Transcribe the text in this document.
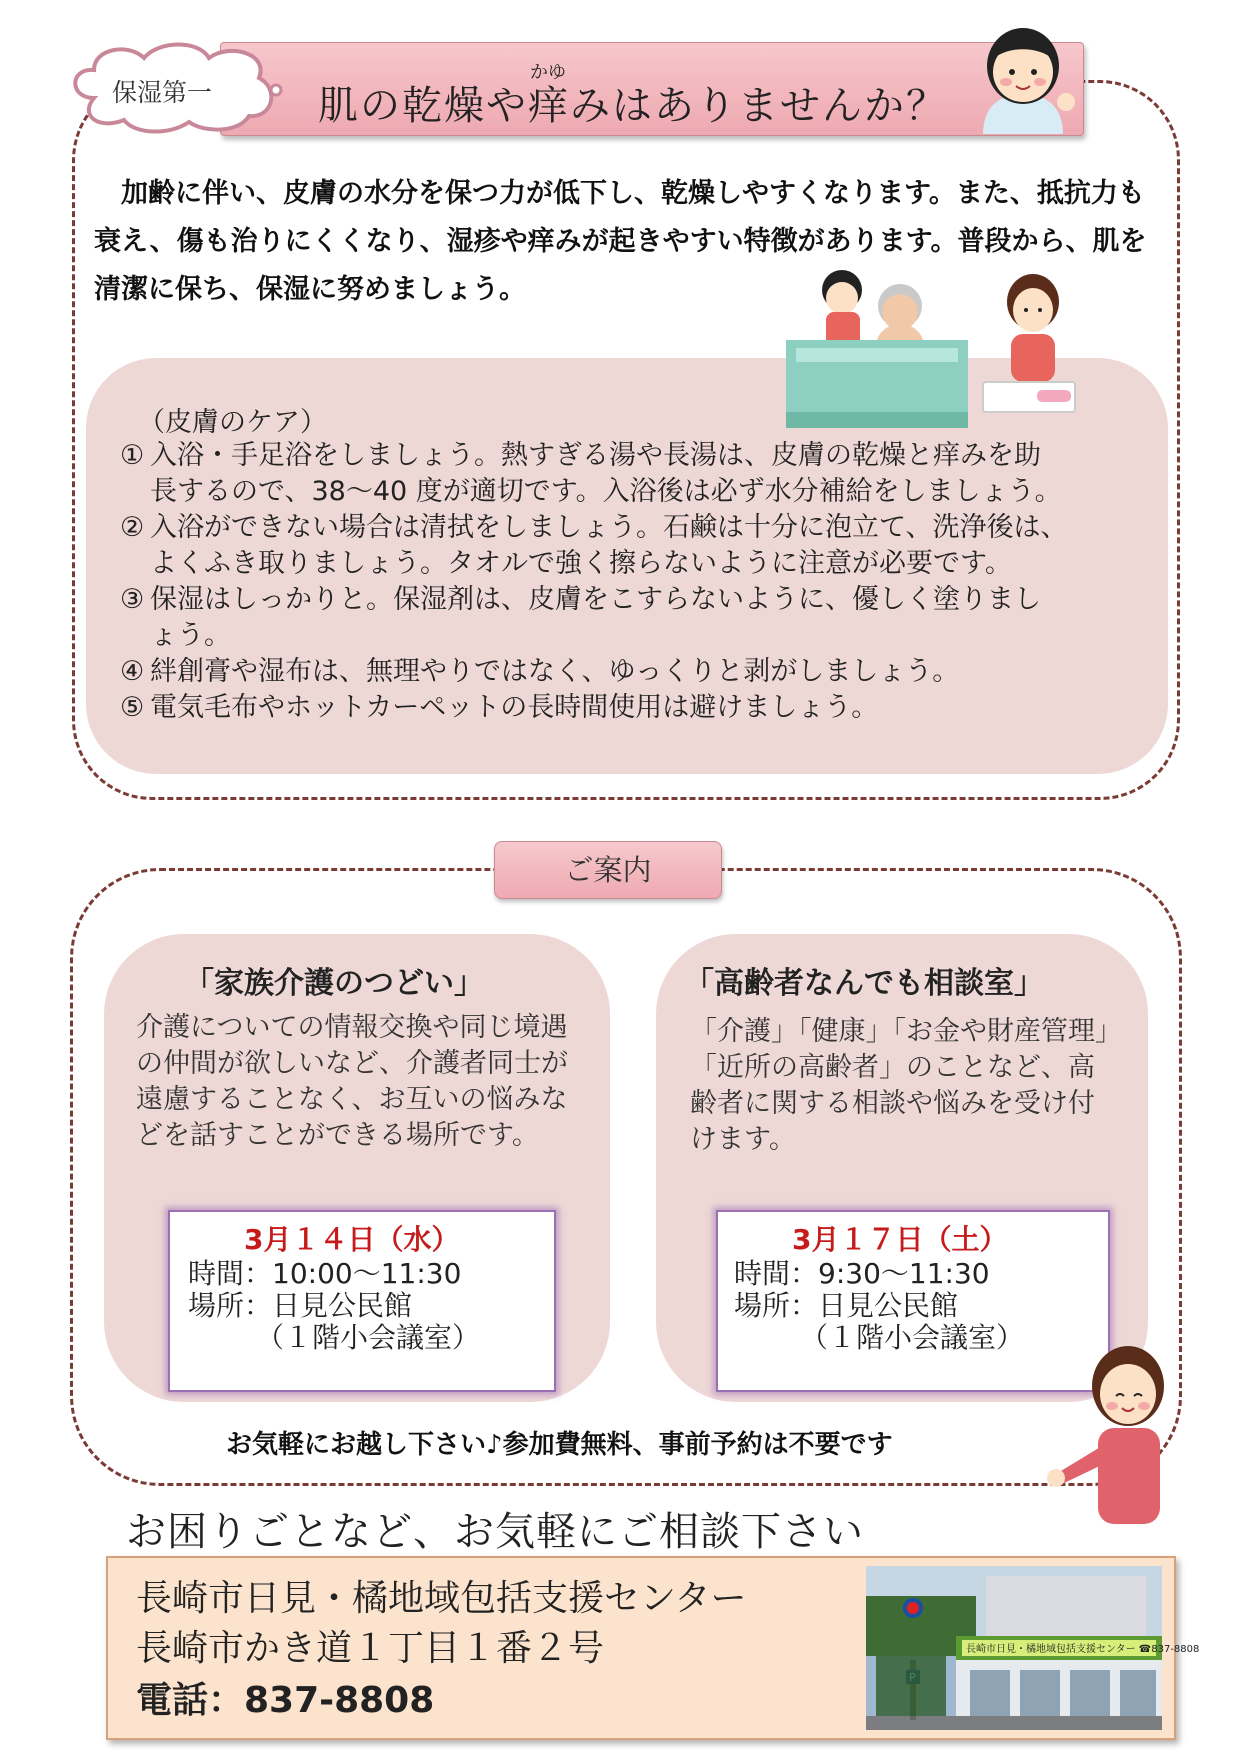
かゆ
肌の乾燥や痒みはありませんか？
保湿第一
加齢に伴い、皮膚の水分を保つ力が低下し、乾燥しやすくなります。また、抵抗力も衰え、傷も治りにくくなり、湿疹や痒みが起きやすい特徴があります。普段から、肌を清潔に保ち、保湿に努めましょう。
（皮膚のケア）
① 入浴・手足浴をしましょう。熱すぎる湯や長湯は、皮膚の乾燥と痒みを助
長するので、38～40 度が適切です。入浴後は必ず水分補給をしましょう。
② 入浴ができない場合は清拭をしましょう。石鹸は十分に泡立て、洗浄後は、
よくふき取りましょう。タオルで強く擦らないように注意が必要です。
③ 保湿はしっかりと。保湿剤は、皮膚をこすらないように、優しく塗りまし
ょう。
④ 絆創膏や湿布は、無理やりではなく、ゆっくりと剥がしましょう。
⑤ 電気毛布やホットカーペットの長時間使用は避けましょう。
ご案内
「家族介護のつどい」
介護についての情報交換や同じ境遇の仲間が欲しいなど、介護者同士が遠慮することなく、お互いの悩みなどを話すことができる場所です。
3月１４日（水）
時間：10:00～11:30
場所：日見公民館
（１階小会議室）
「高齢者なんでも相談室」
「介護」「健康」「お金や財産管理」「近所の高齢者」のことなど、高齢者に関する相談や悩みを受け付けます。
3月１７日（土）
時間：9:30～11:30
場所：日見公民館
（１階小会議室）
お気軽にお越し下さい♪参加費無料、事前予約は不要です
お困りごとなど、お気軽にご相談下さい
長崎市日見・橘地域包括支援センター
長崎市かき道１丁目１番２号
電話：837-8808
長崎市日見・橘地域包括支援センター ☎837-8808
